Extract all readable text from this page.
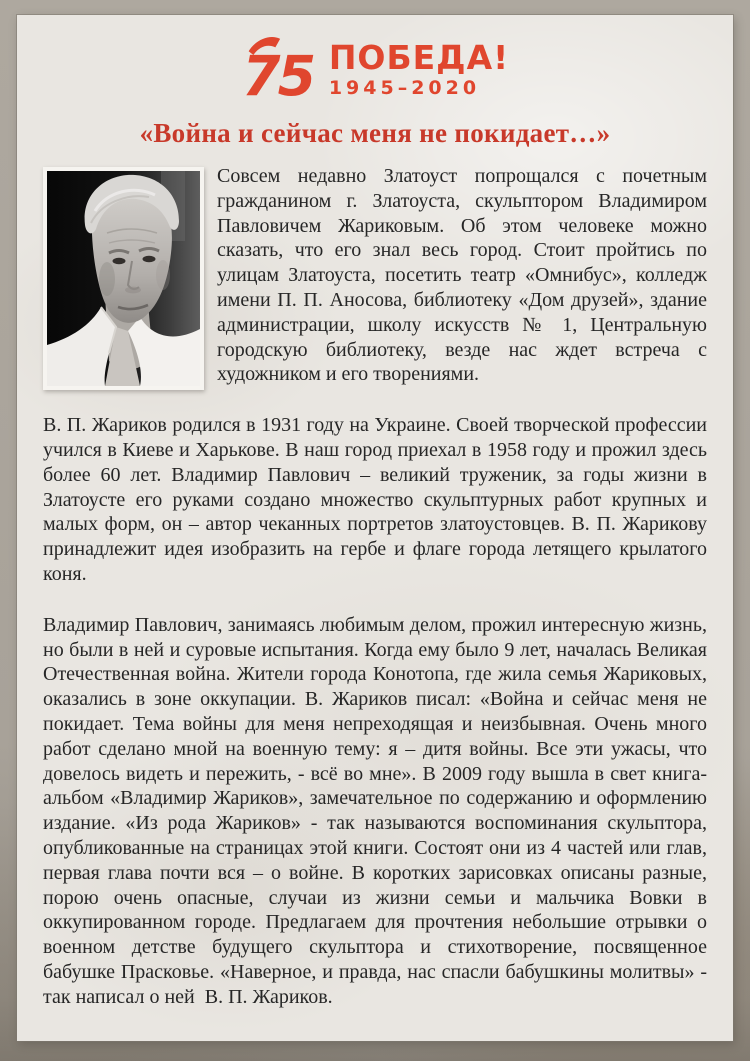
75 ПОБЕДА!
1945–2020
«Война и сейчас меня не покидает…»

Совсем недавно Златоуст попрощался с почетным гражданином г. Златоуста, скульптором Владимиром Павловичем Жариковым. Об этом человеке можно сказать, что его знал весь город. Стоит пройтись по улицам Златоуста, посетить театр «Омнибус», колледж имени П. П. Аносова, библиотеку «Дом друзей», здание администрации, школу искусств № 1, Центральную городскую библиотеку, везде нас ждет встреча с художником и его творениями.

В. П. Жариков родился в 1931 году на Украине. Своей творческой профессии учился в Киеве и Харькове. В наш город приехал в 1958 году и прожил здесь более 60 лет. Владимир Павлович – великий труженик, за годы жизни в Златоусте его руками создано множество скульптурных работ крупных и малых форм, он – автор чеканных портретов златоустовцев. В. П. Жарикову принадлежит идея изобразить на гербе и флаге города летящего крылатого коня.

Владимир Павлович, занимаясь любимым делом, прожил интересную жизнь, но были в ней и суровые испытания. Когда ему было 9 лет, началась Великая Отечественная война. Жители города Конотопа, где жила семья Жариковых, оказались в зоне оккупации. В. Жариков писал: «Война и сейчас меня не покидает. Тема войны для меня непреходящая и неизбывная. Очень много работ сделано мной на военную тему: я – дитя войны. Все эти ужасы, что довелось видеть и пережить, - всё во мне». В 2009 году вышла в свет книга-альбом «Владимир Жариков», замечательное по содержанию и оформлению издание. «Из рода Жариков» - так называются воспоминания скульптора, опубликованные на страницах этой книги. Состоят они из 4 частей или глав, первая глава почти вся – о войне. В коротких зарисовках описаны разные, порою очень опасные, случаи из жизни семьи и мальчика Вовки в оккупированном городе. Предлагаем для прочтения небольшие отрывки о военном детстве будущего скульптора и стихотворение, посвященное бабушке Прасковье. «Наверное, и правда, нас спасли бабушкины молитвы» - так написал о ней  В. П. Жариков.
